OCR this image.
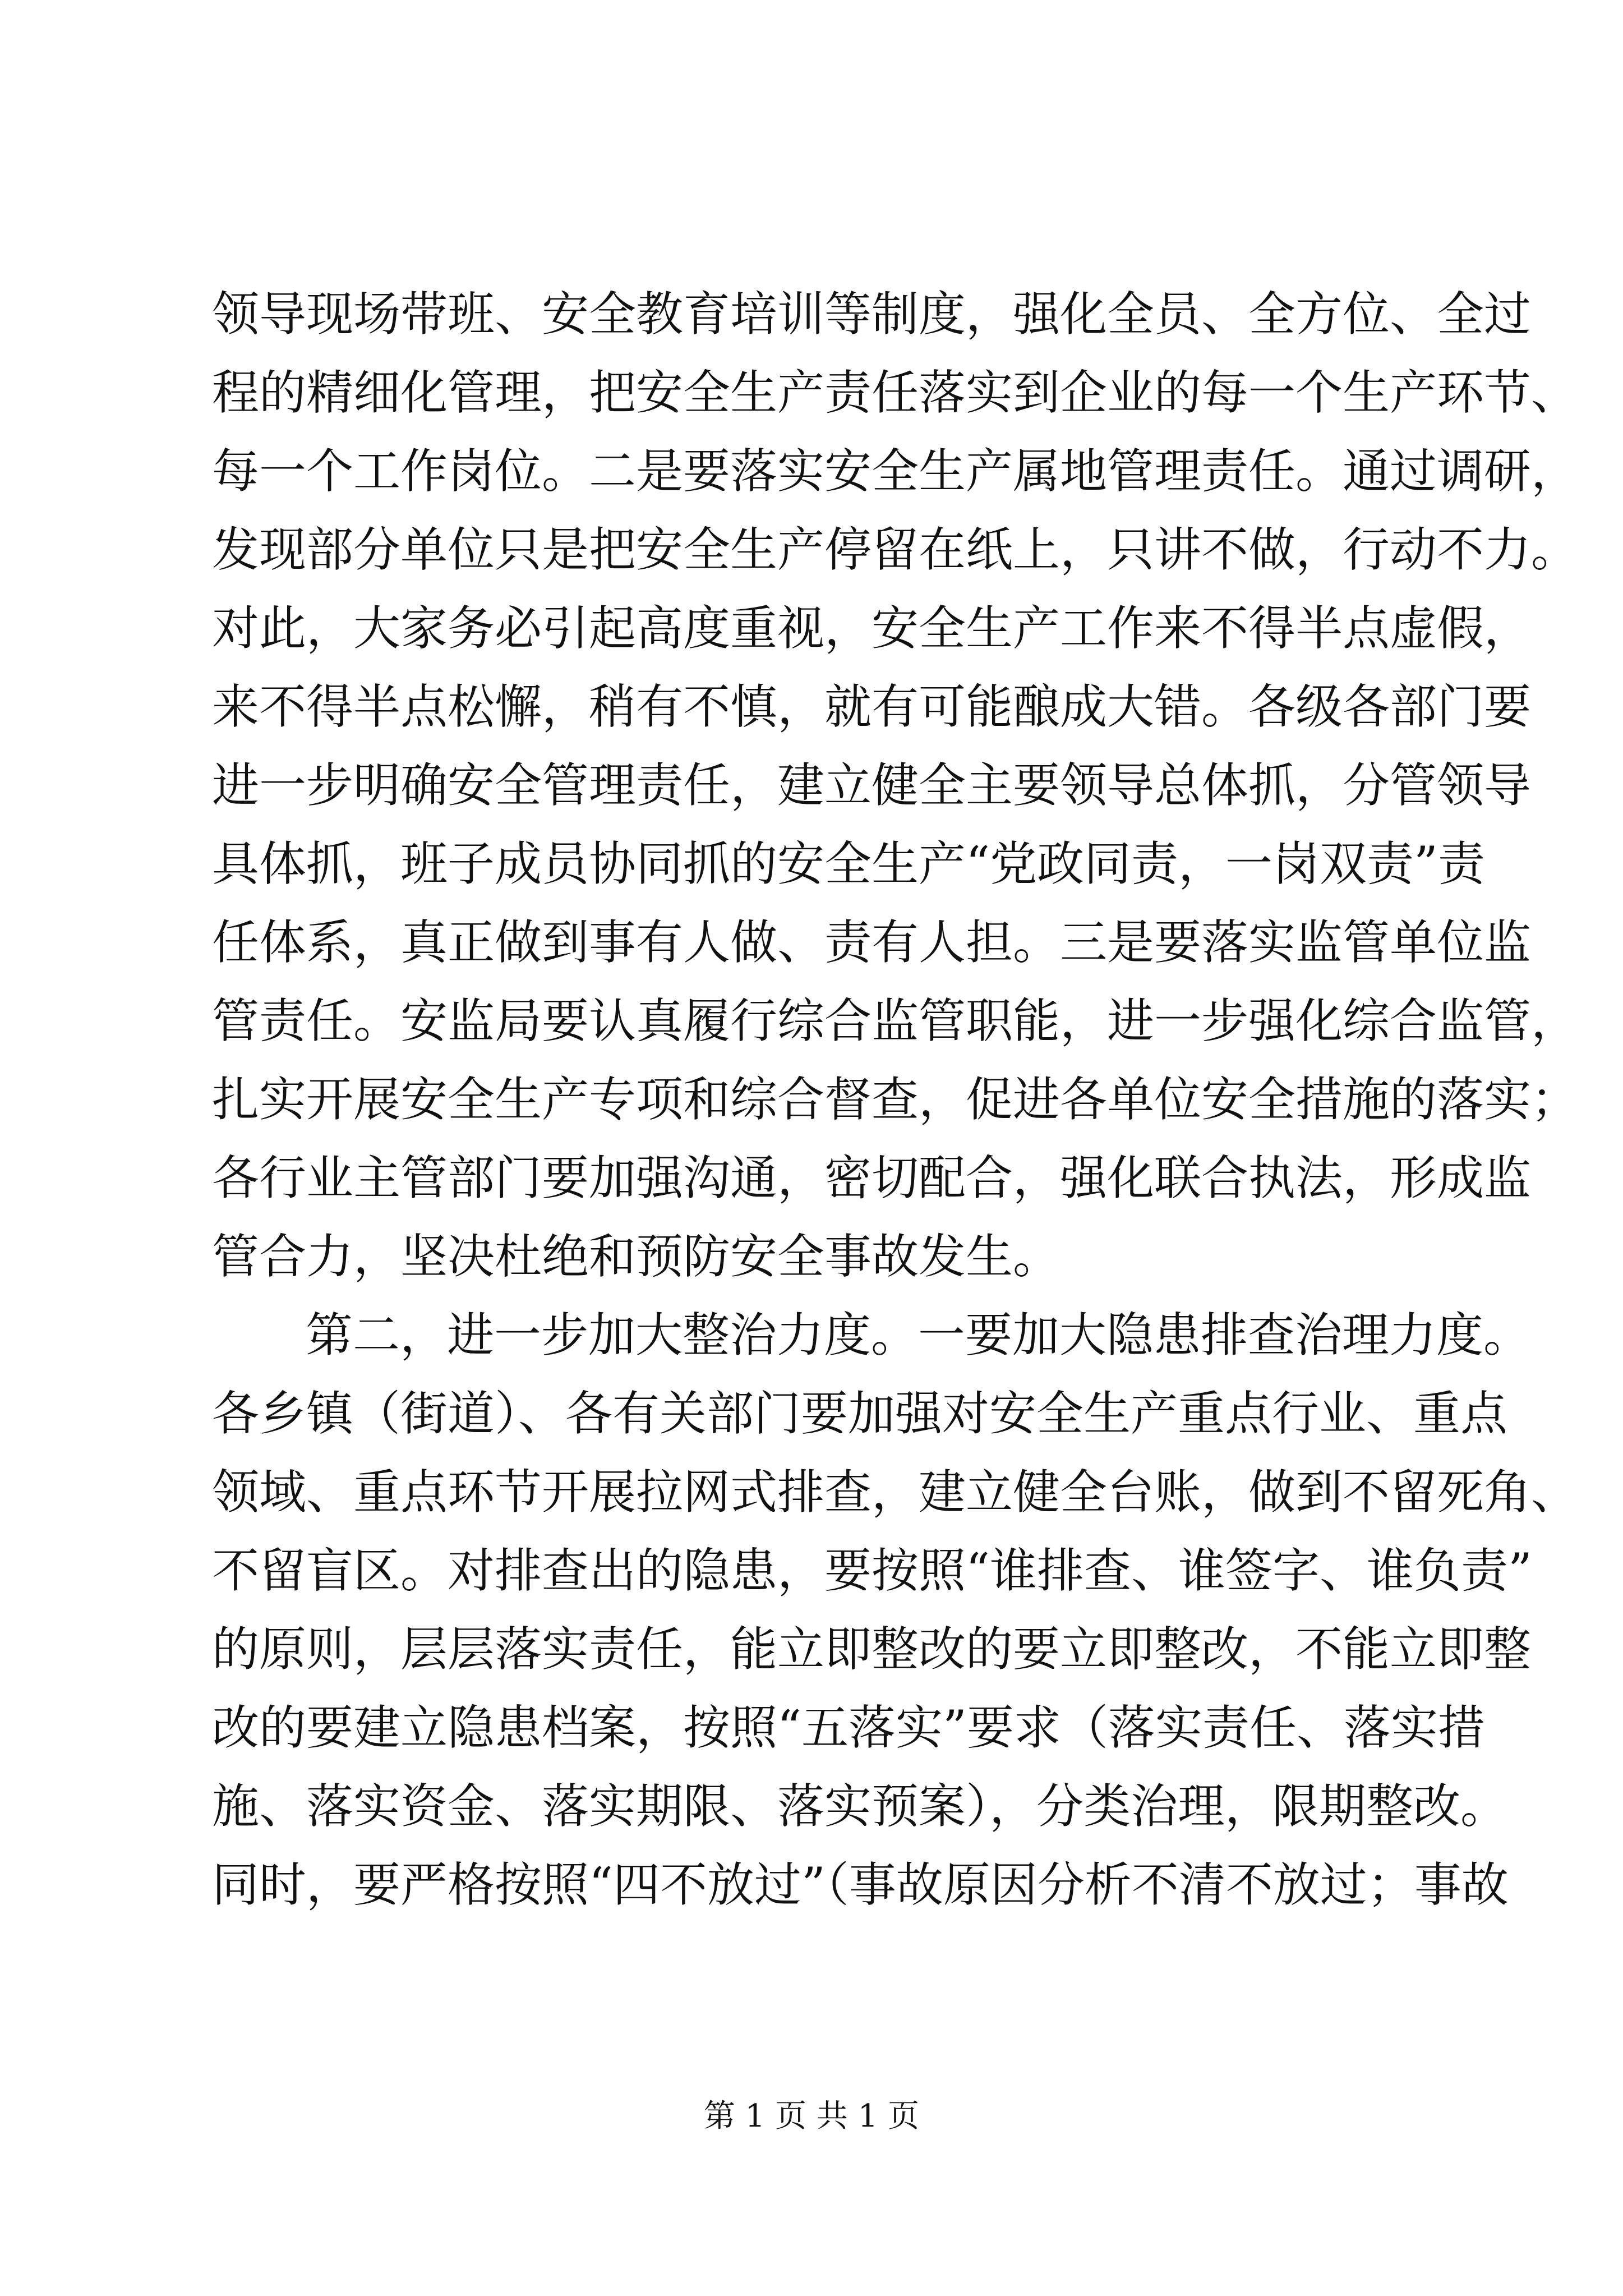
领导现场带班、安全教育培训等制度，强化全员、全方位、全过
程的精细化管理，把安全生产责任落实到企业的每一个生产环节、
每一个工作岗位。二是要落实安全生产属地管理责任。通过调研，
发现部分单位只是把安全生产停留在纸上，只讲不做，行动不力。
对此，大家务必引起高度重视，安全生产工作来不得半点虚假，
来不得半点松懈，稍有不慎，就有可能酿成大错。各级各部门要
进一步明确安全管理责任，建立健全主要领导总体抓，分管领导
具体抓，班子成员协同抓的安全生产“党政同责，一岗双责”责
任体系，真正做到事有人做、责有人担。三是要落实监管单位监
管责任。安监局要认真履行综合监管职能，进一步强化综合监管，
扎实开展安全生产专项和综合督查，促进各单位安全措施的落实；
各行业主管部门要加强沟通，密切配合，强化联合执法，形成监
管合力，坚决杜绝和预防安全事故发生。
第二，进一步加大整治力度。一要加大隐患排查治理力度。
各乡镇（街道）、各有关部门要加强对安全生产重点行业、重点
领域、重点环节开展拉网式排查，建立健全台账，做到不留死角、
不留盲区。对排查出的隐患，要按照“谁排查、谁签字、谁负责”
的原则，层层落实责任，能立即整改的要立即整改，不能立即整
改的要建立隐患档案，按照“五落实”要求（落实责任、落实措
施、落实资金、落实期限、落实预案），分类治理，限期整改。
同时，要严格按照“四不放过”（事故原因分析不清不放过；事故
第 1 页 共 1 页
